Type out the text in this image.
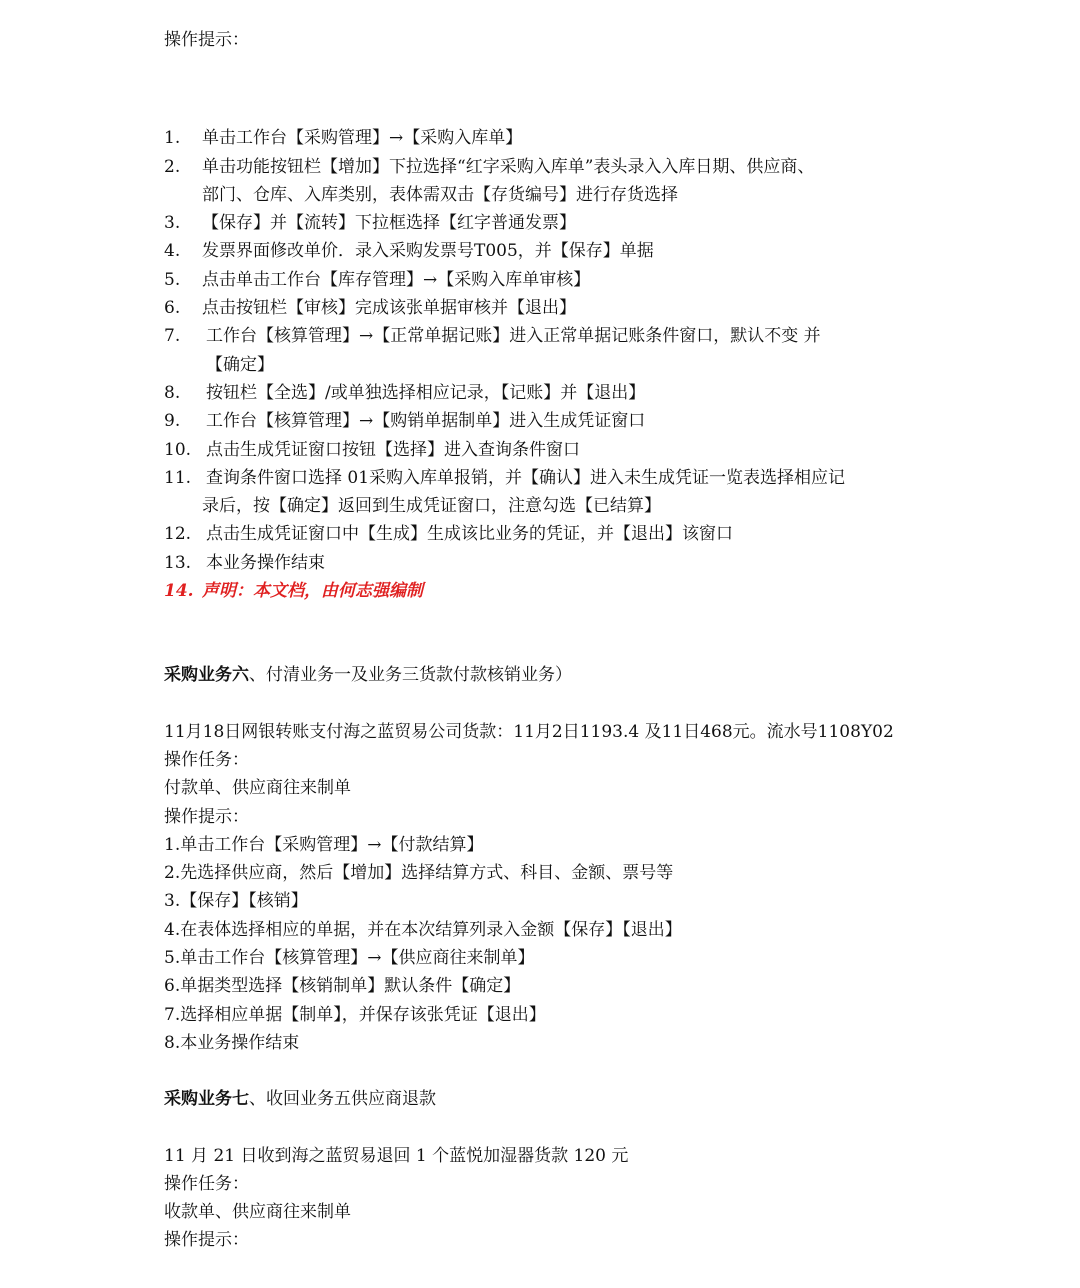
操作提示：
1. 单击工作台【采购管理】→【采购入库单】
2. 单击功能按钮栏【增加】下拉选择“红字采购入库单”表头录入入库日期、供应商、
部门、仓库、入库类别，表体需双击【存货编号】进行存货选择
3. 【保存】并【流转】下拉框选择【红字普通发票】
4. 发票界面修改单价．录入采购发票号T005，并【保存】单据
5. 点击单击工作台【库存管理】→【采购入库单审核】
6. 点击按钮栏【审核】完成该张单据审核并【退出】
7. 工作台【核算管理】→【正常单据记账】进入正常单据记账条件窗口，默认不变 并
【确定】
8. 按钮栏【全选】/或单独选择相应记录，【记账】并【退出】
9. 工作台【核算管理】→【购销单据制单】进入生成凭证窗口
10. 点击生成凭证窗口按钮【选择】进入查询条件窗口
11. 查询条件窗口选择 01采购入库单报销，并【确认】进入未生成凭证一览表选择相应记
录后，按【确定】返回到生成凭证窗口，注意勾选【已结算】
12. 点击生成凭证窗口中【生成】生成该比业务的凭证，并【退出】该窗口
13. 本业务操作结束
14. 声明：本文档，由何志强编制
采购业务六、付清业务一及业务三货款付款核销业务）
11月18日网银转账支付海之蓝贸易公司货款：11月2日1193.4 及11日468元。流水号1108Y02
操作任务：
付款单、供应商往来制单
操作提示：
1.单击工作台【采购管理】→【付款结算】
2.先选择供应商，然后【增加】选择结算方式、科目、金额、票号等
3.【保存】【核销】
4.在表体选择相应的单据，并在本次结算列录入金额【保存】【退出】
5.单击工作台【核算管理】→【供应商往来制单】
6.单据类型选择【核销制单】默认条件【确定】
7.选择相应单据【制单】，并保存该张凭证【退出】
8.本业务操作结束
采购业务七、收回业务五供应商退款
11 月 21 日收到海之蓝贸易退回 1 个蓝悦加湿器货款 120 元
操作任务：
收款单、供应商往来制单
操作提示：
